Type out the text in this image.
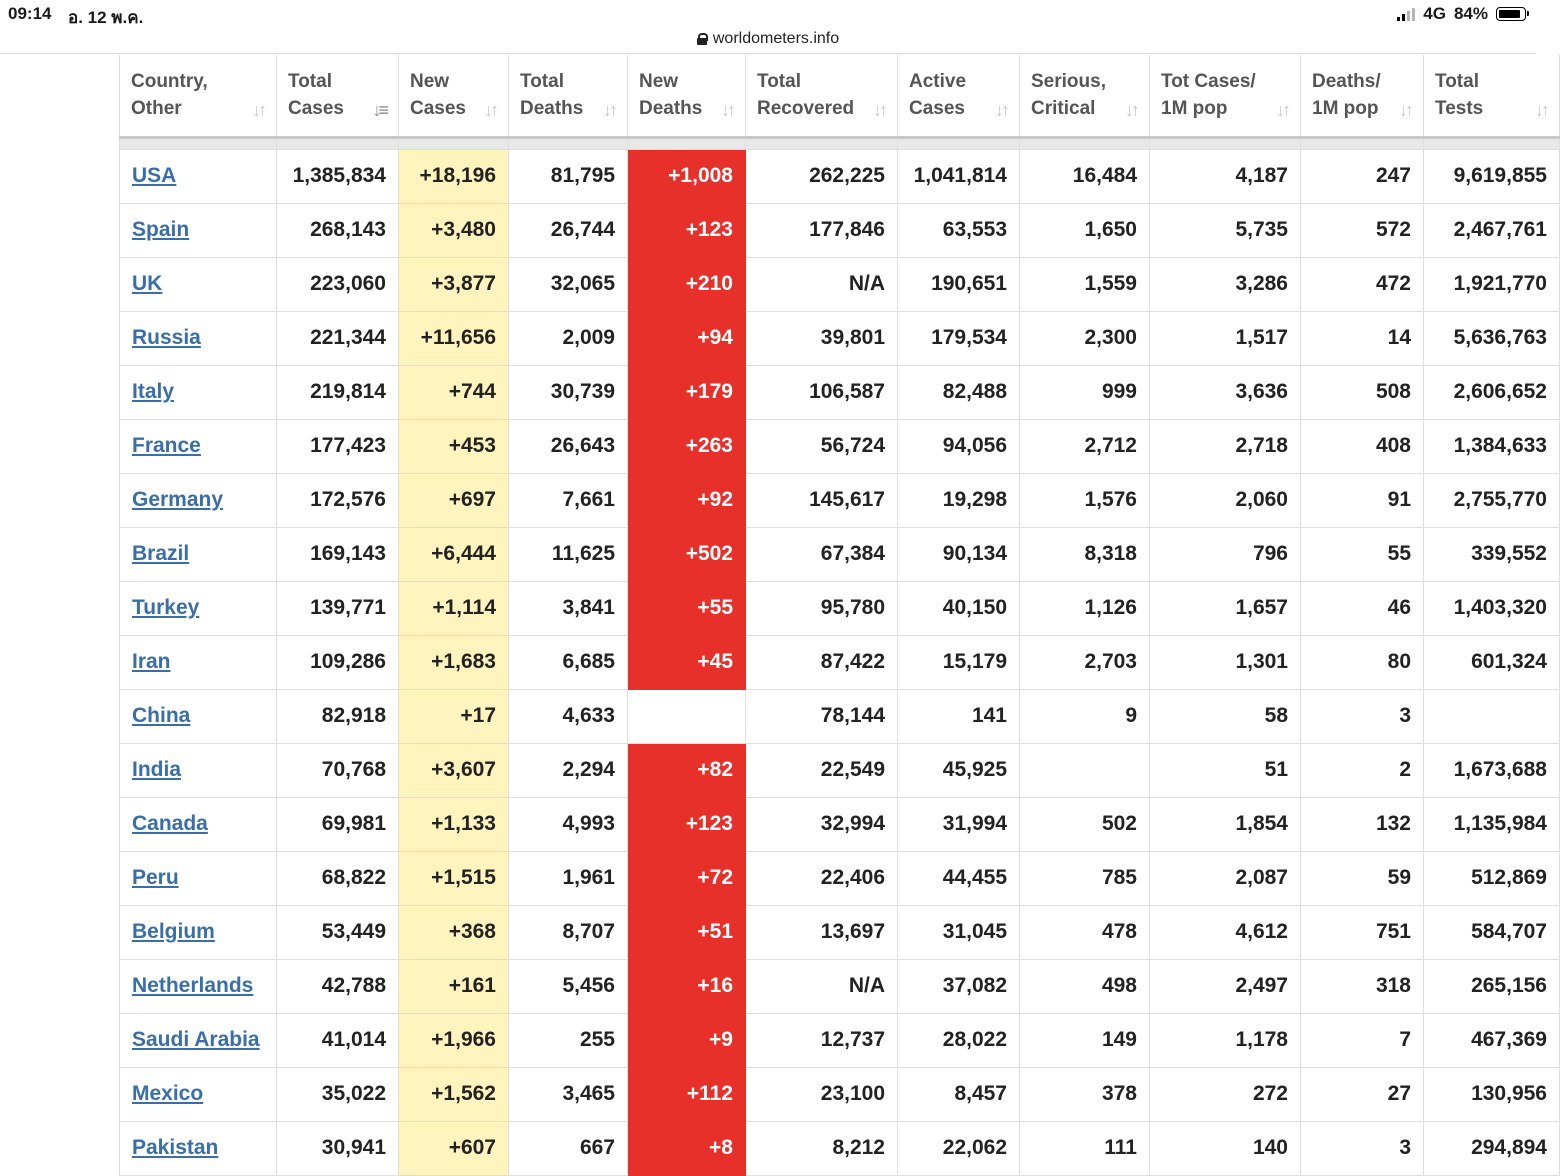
09:14 อ. 12 พ.ค.	4G 84%
worldometers.info
Country, Other ↓↑	Total Cases ↓≡	New Cases ↓↑	Total Deaths ↓↑	New Deaths ↓↑	Total Recovered ↓↑	Active Cases ↓↑	Serious, Critical ↓↑	Tot Cases/ 1M pop ↓↑	Deaths/ 1M pop ↓↑	Total Tests ↓↑

USA	1,385,834	+18,196	81,795	+1,008	262,225	1,041,814	16,484	4,187	247	9,619,855
Spain	268,143	+3,480	26,744	+123	177,846	63,553	1,650	5,735	572	2,467,761
UK	223,060	+3,877	32,065	+210	N/A	190,651	1,559	3,286	472	1,921,770
Russia	221,344	+11,656	2,009	+94	39,801	179,534	2,300	1,517	14	5,636,763
Italy	219,814	+744	30,739	+179	106,587	82,488	999	3,636	508	2,606,652
France	177,423	+453	26,643	+263	56,724	94,056	2,712	2,718	408	1,384,633
Germany	172,576	+697	7,661	+92	145,617	19,298	1,576	2,060	91	2,755,770
Brazil	169,143	+6,444	11,625	+502	67,384	90,134	8,318	796	55	339,552
Turkey	139,771	+1,114	3,841	+55	95,780	40,150	1,126	1,657	46	1,403,320
Iran	109,286	+1,683	6,685	+45	87,422	15,179	2,703	1,301	80	601,324
China	82,918	+17	4,633		78,144	141	9	58	3	
India	70,768	+3,607	2,294	+82	22,549	45,925		51	2	1,673,688
Canada	69,981	+1,133	4,993	+123	32,994	31,994	502	1,854	132	1,135,984
Peru	68,822	+1,515	1,961	+72	22,406	44,455	785	2,087	59	512,869
Belgium	53,449	+368	8,707	+51	13,697	31,045	478	4,612	751	584,707
Netherlands	42,788	+161	5,456	+16	N/A	37,082	498	2,497	318	265,156
Saudi Arabia	41,014	+1,966	255	+9	12,737	28,022	149	1,178	7	467,369
Mexico	35,022	+1,562	3,465	+112	23,100	8,457	378	272	27	130,956
Pakistan	30,941	+607	667	+8	8,212	22,062	111	140	3	294,894
